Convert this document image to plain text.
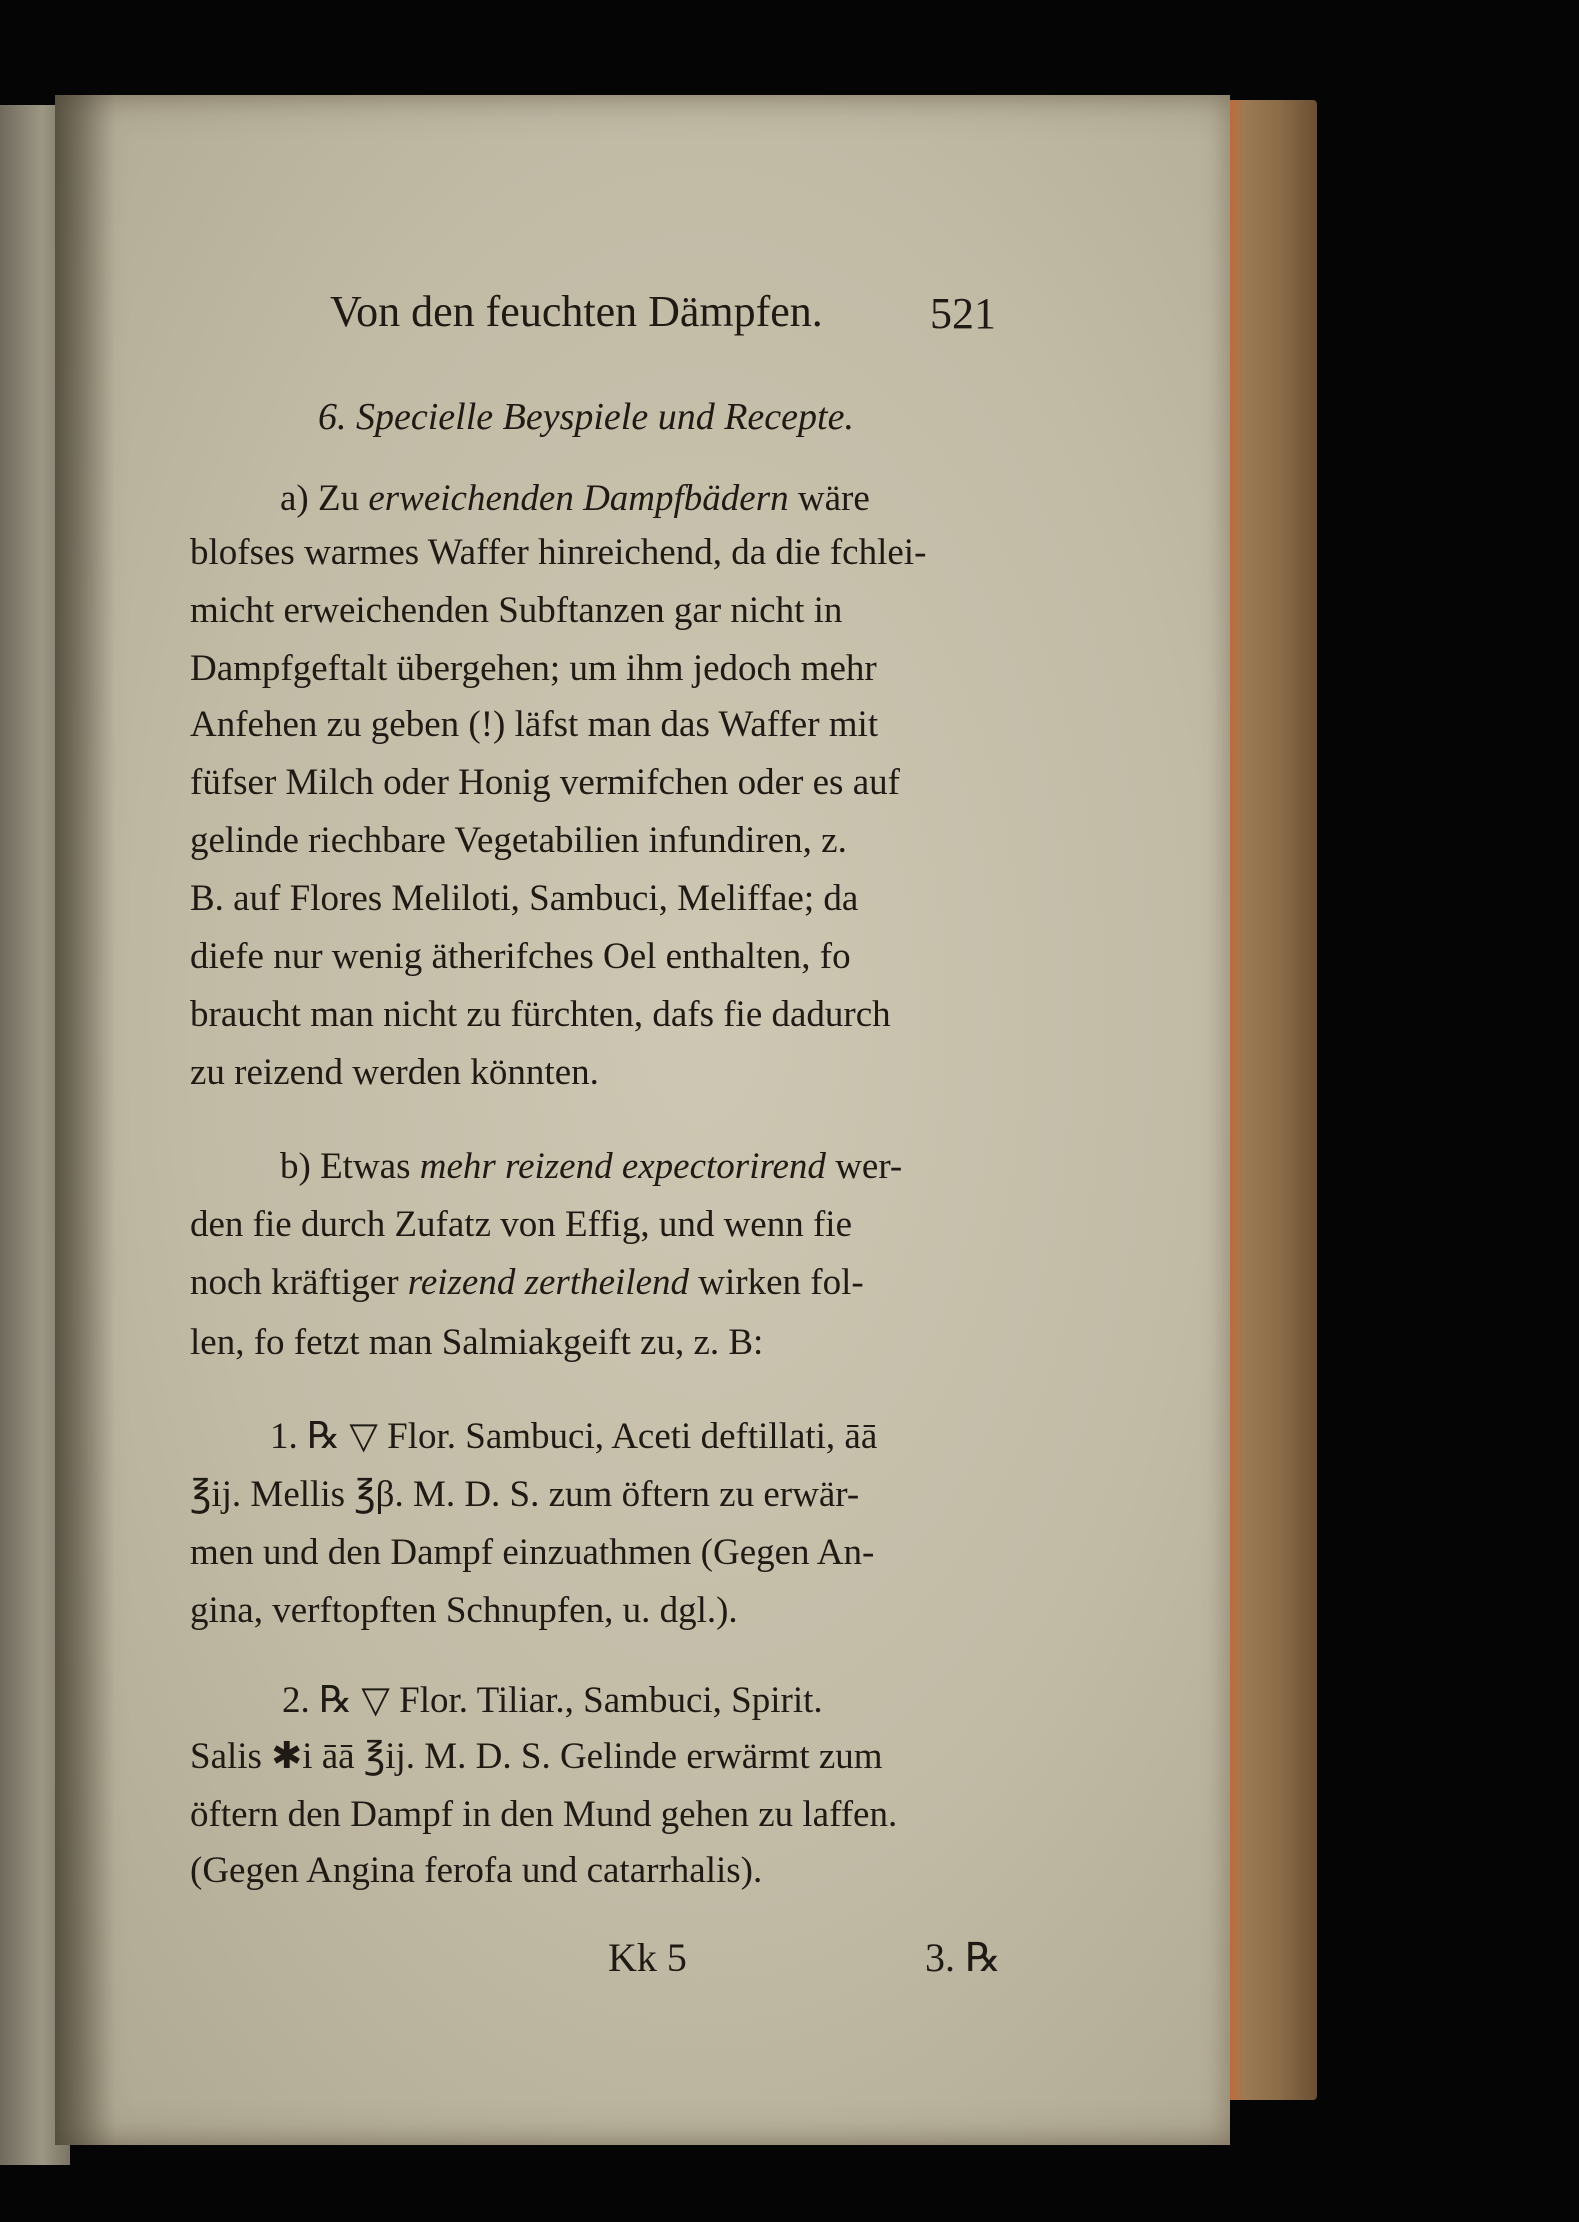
Von den feuchten Dämpfen. 521
6. Specielle Beyspiele und Recepte.
a) Zu erweichenden Dampfbädern wäre
blofses warmes Waffer hinreichend, da die fchlei-
micht erweichenden Subftanzen gar nicht in
Dampfgeftalt übergehen; um ihm jedoch mehr
Anfehen zu geben (!) läfst man das Waffer mit
füfser Milch oder Honig vermifchen oder es auf
gelinde riechbare Vegetabilien infundiren, z.
B. auf Flores Meliloti, Sambuci, Meliffae; da
diefe nur wenig ätherifches Oel enthalten, fo
braucht man nicht zu fürchten, dafs fie dadurch
zu reizend werden könnten.
b) Etwas mehr reizend expectorirend wer-
den fie durch Zufatz von Effig, und wenn fie
noch kräftiger reizend zertheilend wirken fol-
len, fo fetzt man Salmiakgeift zu, z. B:
1. ℞ ▽ Flor. Sambuci, Aceti deftillati, āā
℥ij. Mellis ℥β. M. D. S. zum öftern zu erwär-
men und den Dampf einzuathmen (Gegen An-
gina, verftopften Schnupfen, u. dgl.).
2. ℞ ▽ Flor. Tiliar., Sambuci, Spirit.
Salis ✱i āā ℥ij. M. D. S. Gelinde erwärmt zum
öftern den Dampf in den Mund gehen zu laffen.
(Gegen Angina ferofa und catarrhalis).
Kk 5	3. ℞
